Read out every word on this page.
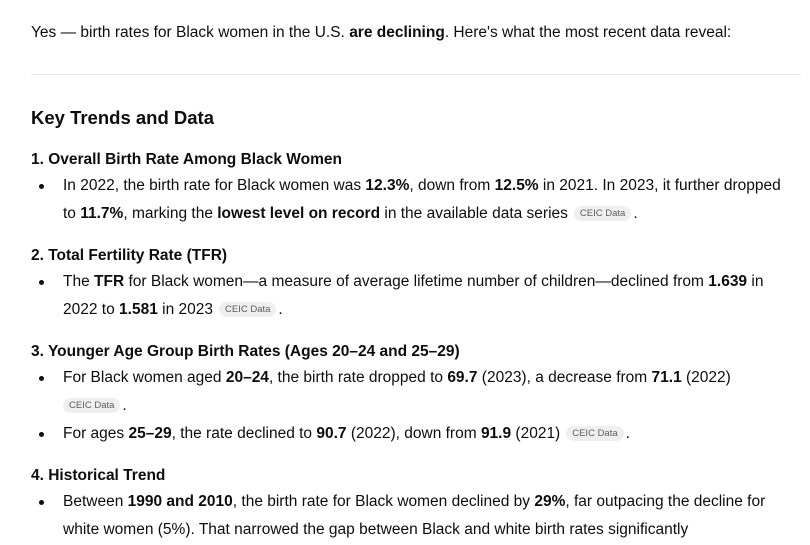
Yes — birth rates for Black women in the U.S. are declining. Here's what the most recent data reveal:
Key Trends and Data
1. Overall Birth Rate Among Black Women
In 2022, the birth rate for Black women was 12.3%, down from 12.5% in 2021. In 2023, it further dropped
to 11.7%, marking the lowest level on record in the available data series CEIC Data .
2. Total Fertility Rate (TFR)
The TFR for Black women—a measure of average lifetime number of children—declined from 1.639 in
2022 to 1.581 in 2023 CEIC Data .
3. Younger Age Group Birth Rates (Ages 20–24 and 25–29)
For Black women aged 20–24, the birth rate dropped to 69.7 (2023), a decrease from 71.1 (2022)
CEIC Data .
For ages 25–29, the rate declined to 90.7 (2022), down from 91.9 (2021) CEIC Data .
4. Historical Trend
Between 1990 and 2010, the birth rate for Black women declined by 29%, far outpacing the decline for
white women (5%). That narrowed the gap between Black and white birth rates significantly
